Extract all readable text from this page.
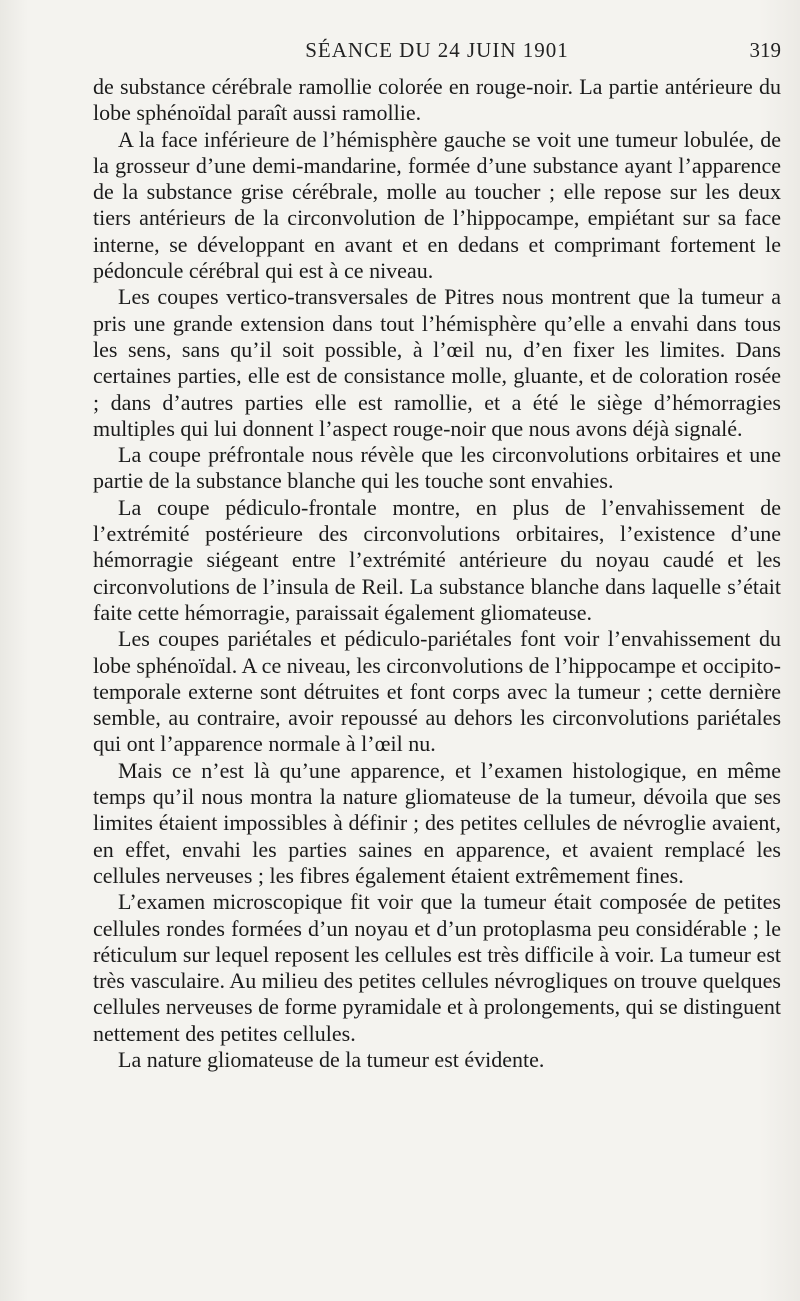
SÉANCE DU 24 JUIN 1901	319

de substance cérébrale ramollie colorée en rouge-noir. La partie antérieure du lobe sphénoïdal paraît aussi ramollie.

A la face inférieure de l’hémisphère gauche se voit une tumeur lobulée, de la grosseur d’une demi-mandarine, formée d’une substance ayant l’apparence de la substance grise cérébrale, molle au toucher ; elle repose sur les deux tiers antérieurs de la circonvolution de l’hippocampe, empiétant sur sa face interne, se développant en avant et en dedans et comprimant fortement le pédoncule cérébral qui est à ce niveau.

Les coupes vertico-transversales de Pitres nous montrent que la tumeur a pris une grande extension dans tout l’hémisphère qu’elle a envahi dans tous les sens, sans qu’il soit possible, à l’œil nu, d’en fixer les limites. Dans certaines parties, elle est de consistance molle, gluante, et de coloration rosée ; dans d’autres parties elle est ramollie, et a été le siège d’hémorragies multiples qui lui donnent l’aspect rouge-noir que nous avons déjà signalé.

La coupe préfrontale nous révèle que les circonvolutions orbitaires et une partie de la substance blanche qui les touche sont envahies.

La coupe pédiculo-frontale montre, en plus de l’envahissement de l’extrémité postérieure des circonvolutions orbitaires, l’existence d’une hémorragie siégeant entre l’extrémité antérieure du noyau caudé et les circonvolutions de l’insula de Reil. La substance blanche dans laquelle s’était faite cette hémorragie, paraissait également gliomateuse.

Les coupes pariétales et pédiculo-pariétales font voir l’envahissement du lobe sphénoïdal. A ce niveau, les circonvolutions de l’hippocampe et occipito-temporale externe sont détruites et font corps avec la tumeur ; cette dernière semble, au contraire, avoir repoussé au dehors les circonvolutions pariétales qui ont l’apparence normale à l’œil nu.

Mais ce n’est là qu’une apparence, et l’examen histologique, en même temps qu’il nous montra la nature gliomateuse de la tumeur, dévoila que ses limites étaient impossibles à définir ; des petites cellules de névroglie avaient, en effet, envahi les parties saines en apparence, et avaient remplacé les cellules nerveuses ; les fibres également étaient extrêmement fines.

L’examen microscopique fit voir que la tumeur était composée de petites cellules rondes formées d’un noyau et d’un protoplasma peu considérable ; le réticulum sur lequel reposent les cellules est très difficile à voir. La tumeur est très vasculaire. Au milieu des petites cellules névrogliques on trouve quelques cellules nerveuses de forme pyramidale et à prolongements, qui se distinguent nettement des petites cellules.

La nature gliomateuse de la tumeur est évidente.
